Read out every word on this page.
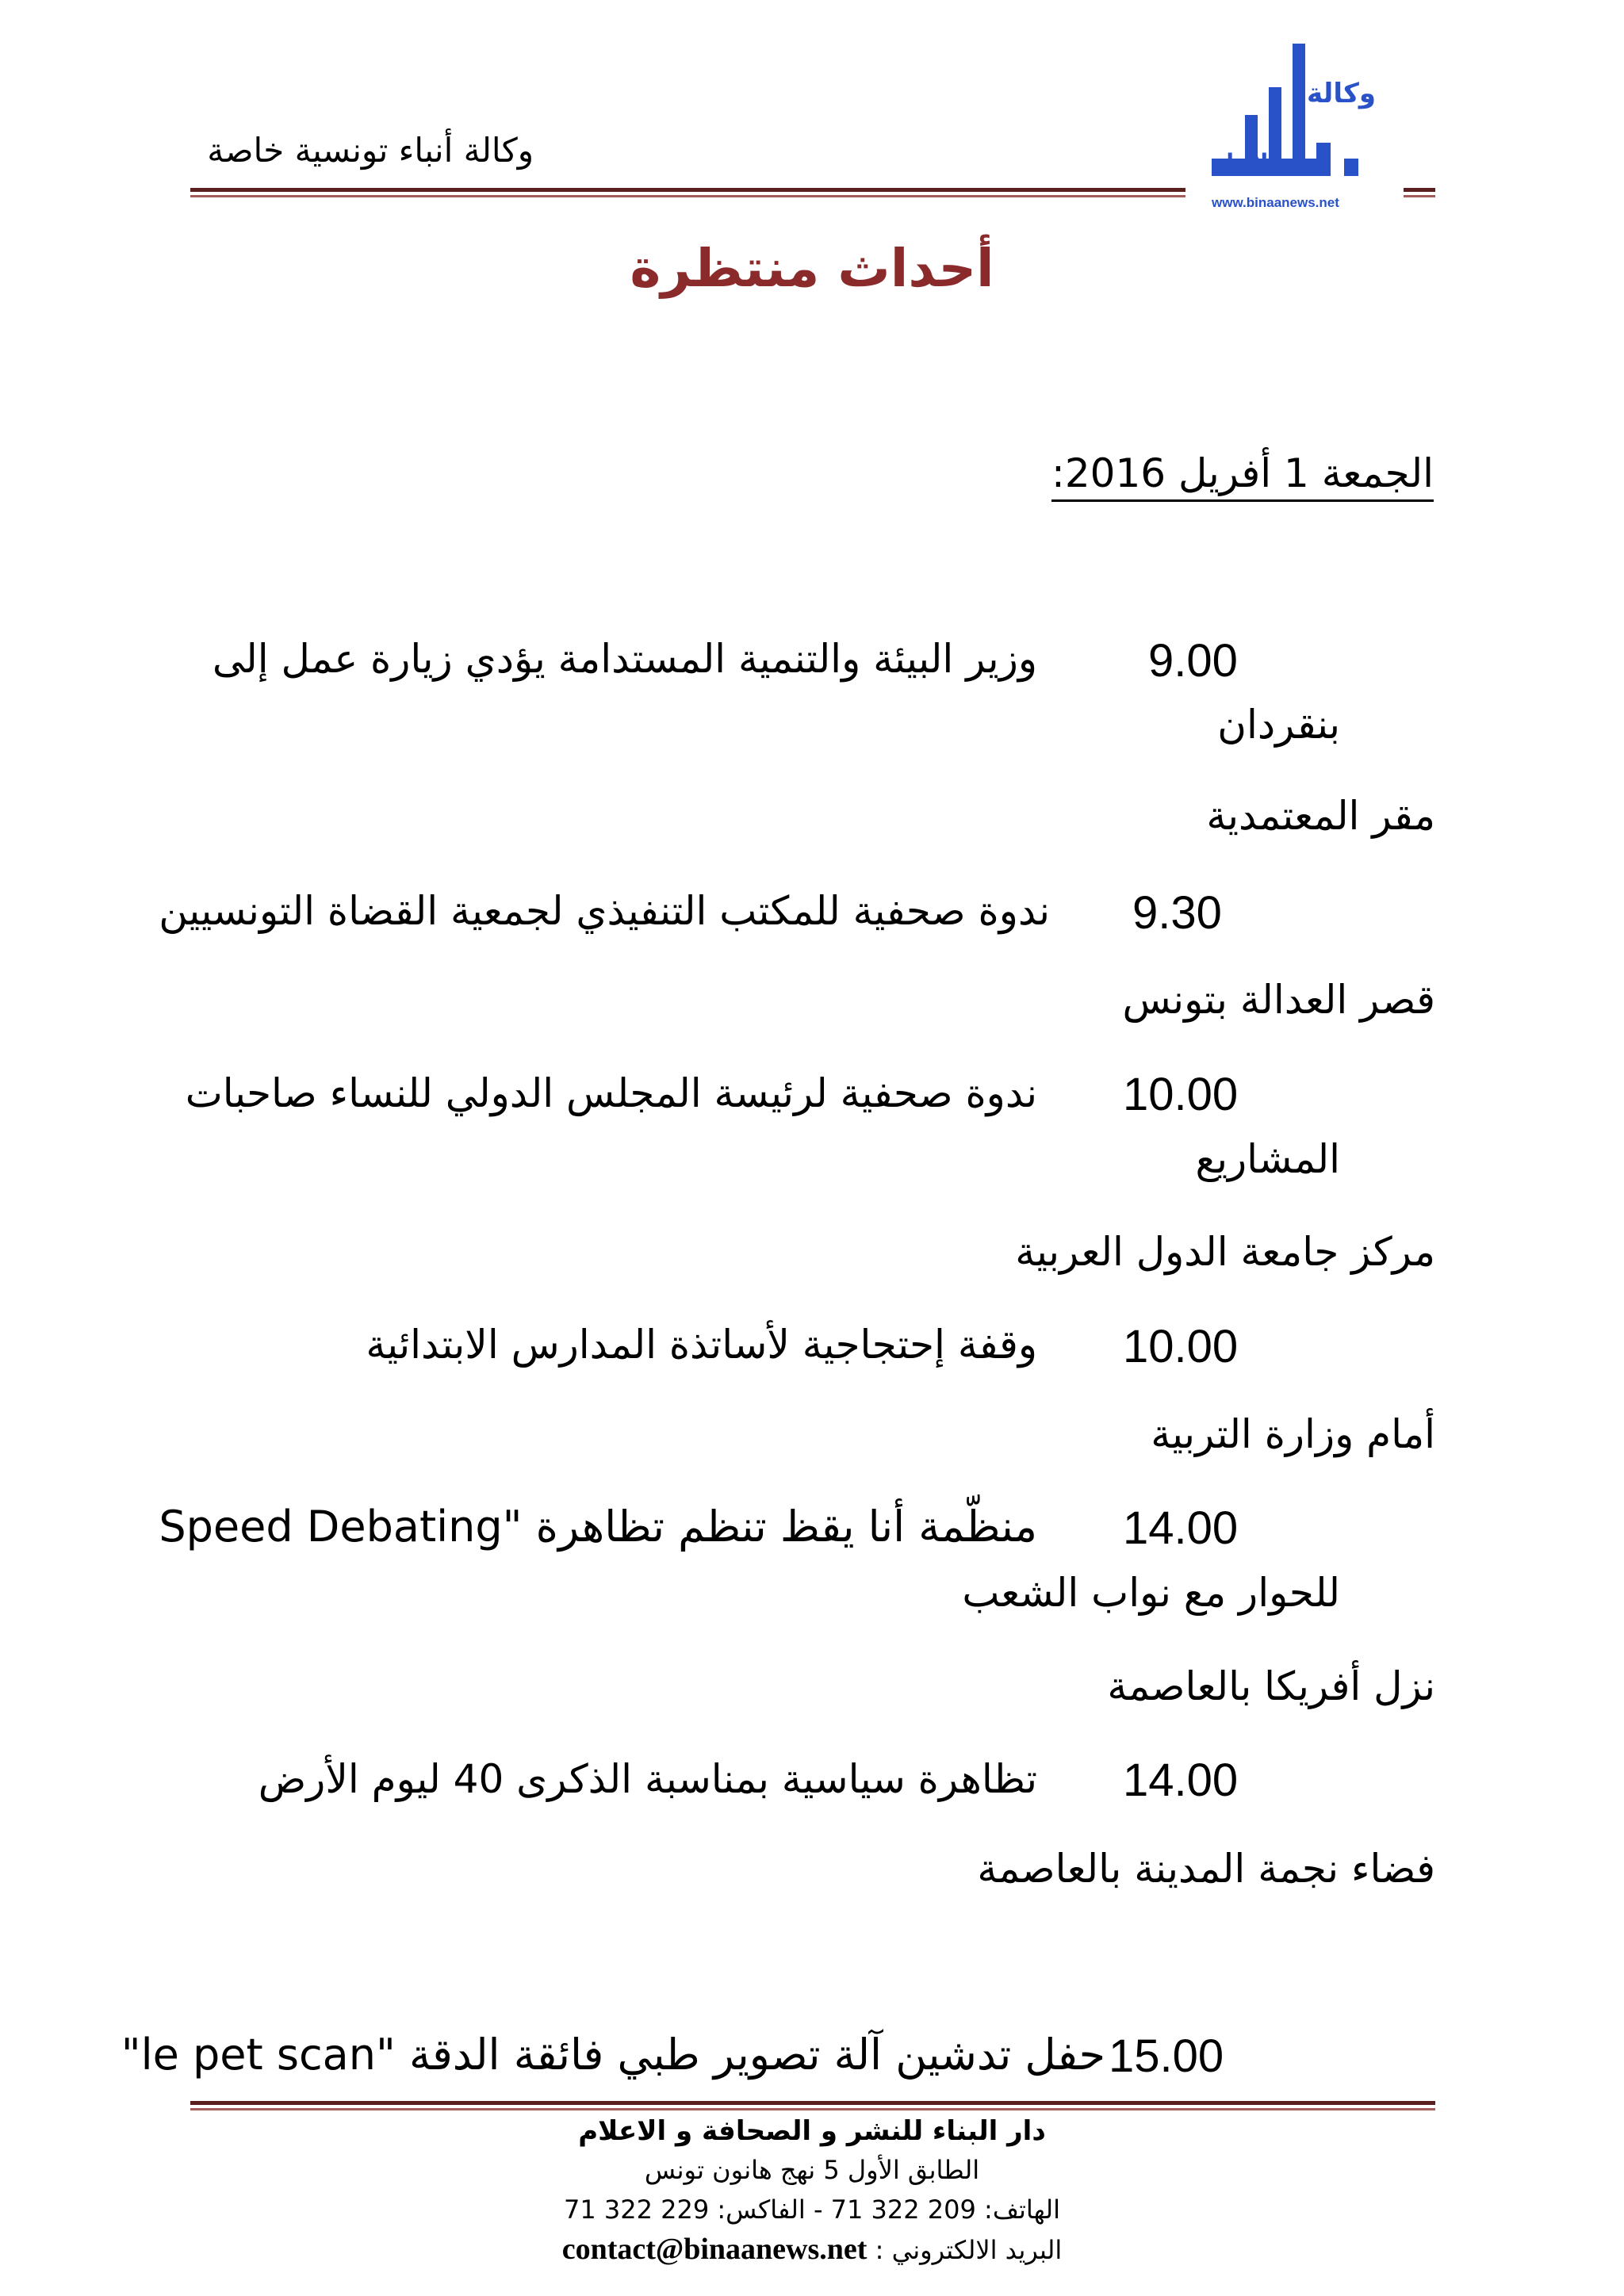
وكالة أنباء تونسية خاصة
وكالة
للأنباء
www.binaanews.net
أحداث منتظرة
الجمعة 1 أفريل 2016:
9.00
وزير البيئة والتنمية المستدامة يؤدي زيارة عمل إلى
بنقردان
مقر المعتمدية
9.30
ندوة صحفية للمكتب التنفيذي لجمعية القضاة التونسيين
قصر العدالة بتونس
10.00
ندوة صحفية لرئيسة المجلس الدولي للنساء صاحبات
المشاريع
مركز جامعة الدول العربية
10.00
وقفة إحتجاجية لأساتذة المدارس الابتدائية
أمام وزارة التربية
14.00
منظّمة أنا يقظ تنظم تظاهرة "Speed Debating
للحوار مع نواب الشعب
نزل أفريكا بالعاصمة
14.00
تظاهرة سياسية بمناسبة الذكرى 40 ليوم الأرض
فضاء نجمة المدينة بالعاصمة
15.00
حفل تدشين آلة تصوير طبي فائقة الدقة "le pet scan"
دار البناء للنشر و الصحافة و الاعلام
الطابق الأول 5 نهج هانون تونس
الهاتف: 209 322 71 - الفاكس: 229 322 71
contact@binaanews.net البريد الالكتروني :
